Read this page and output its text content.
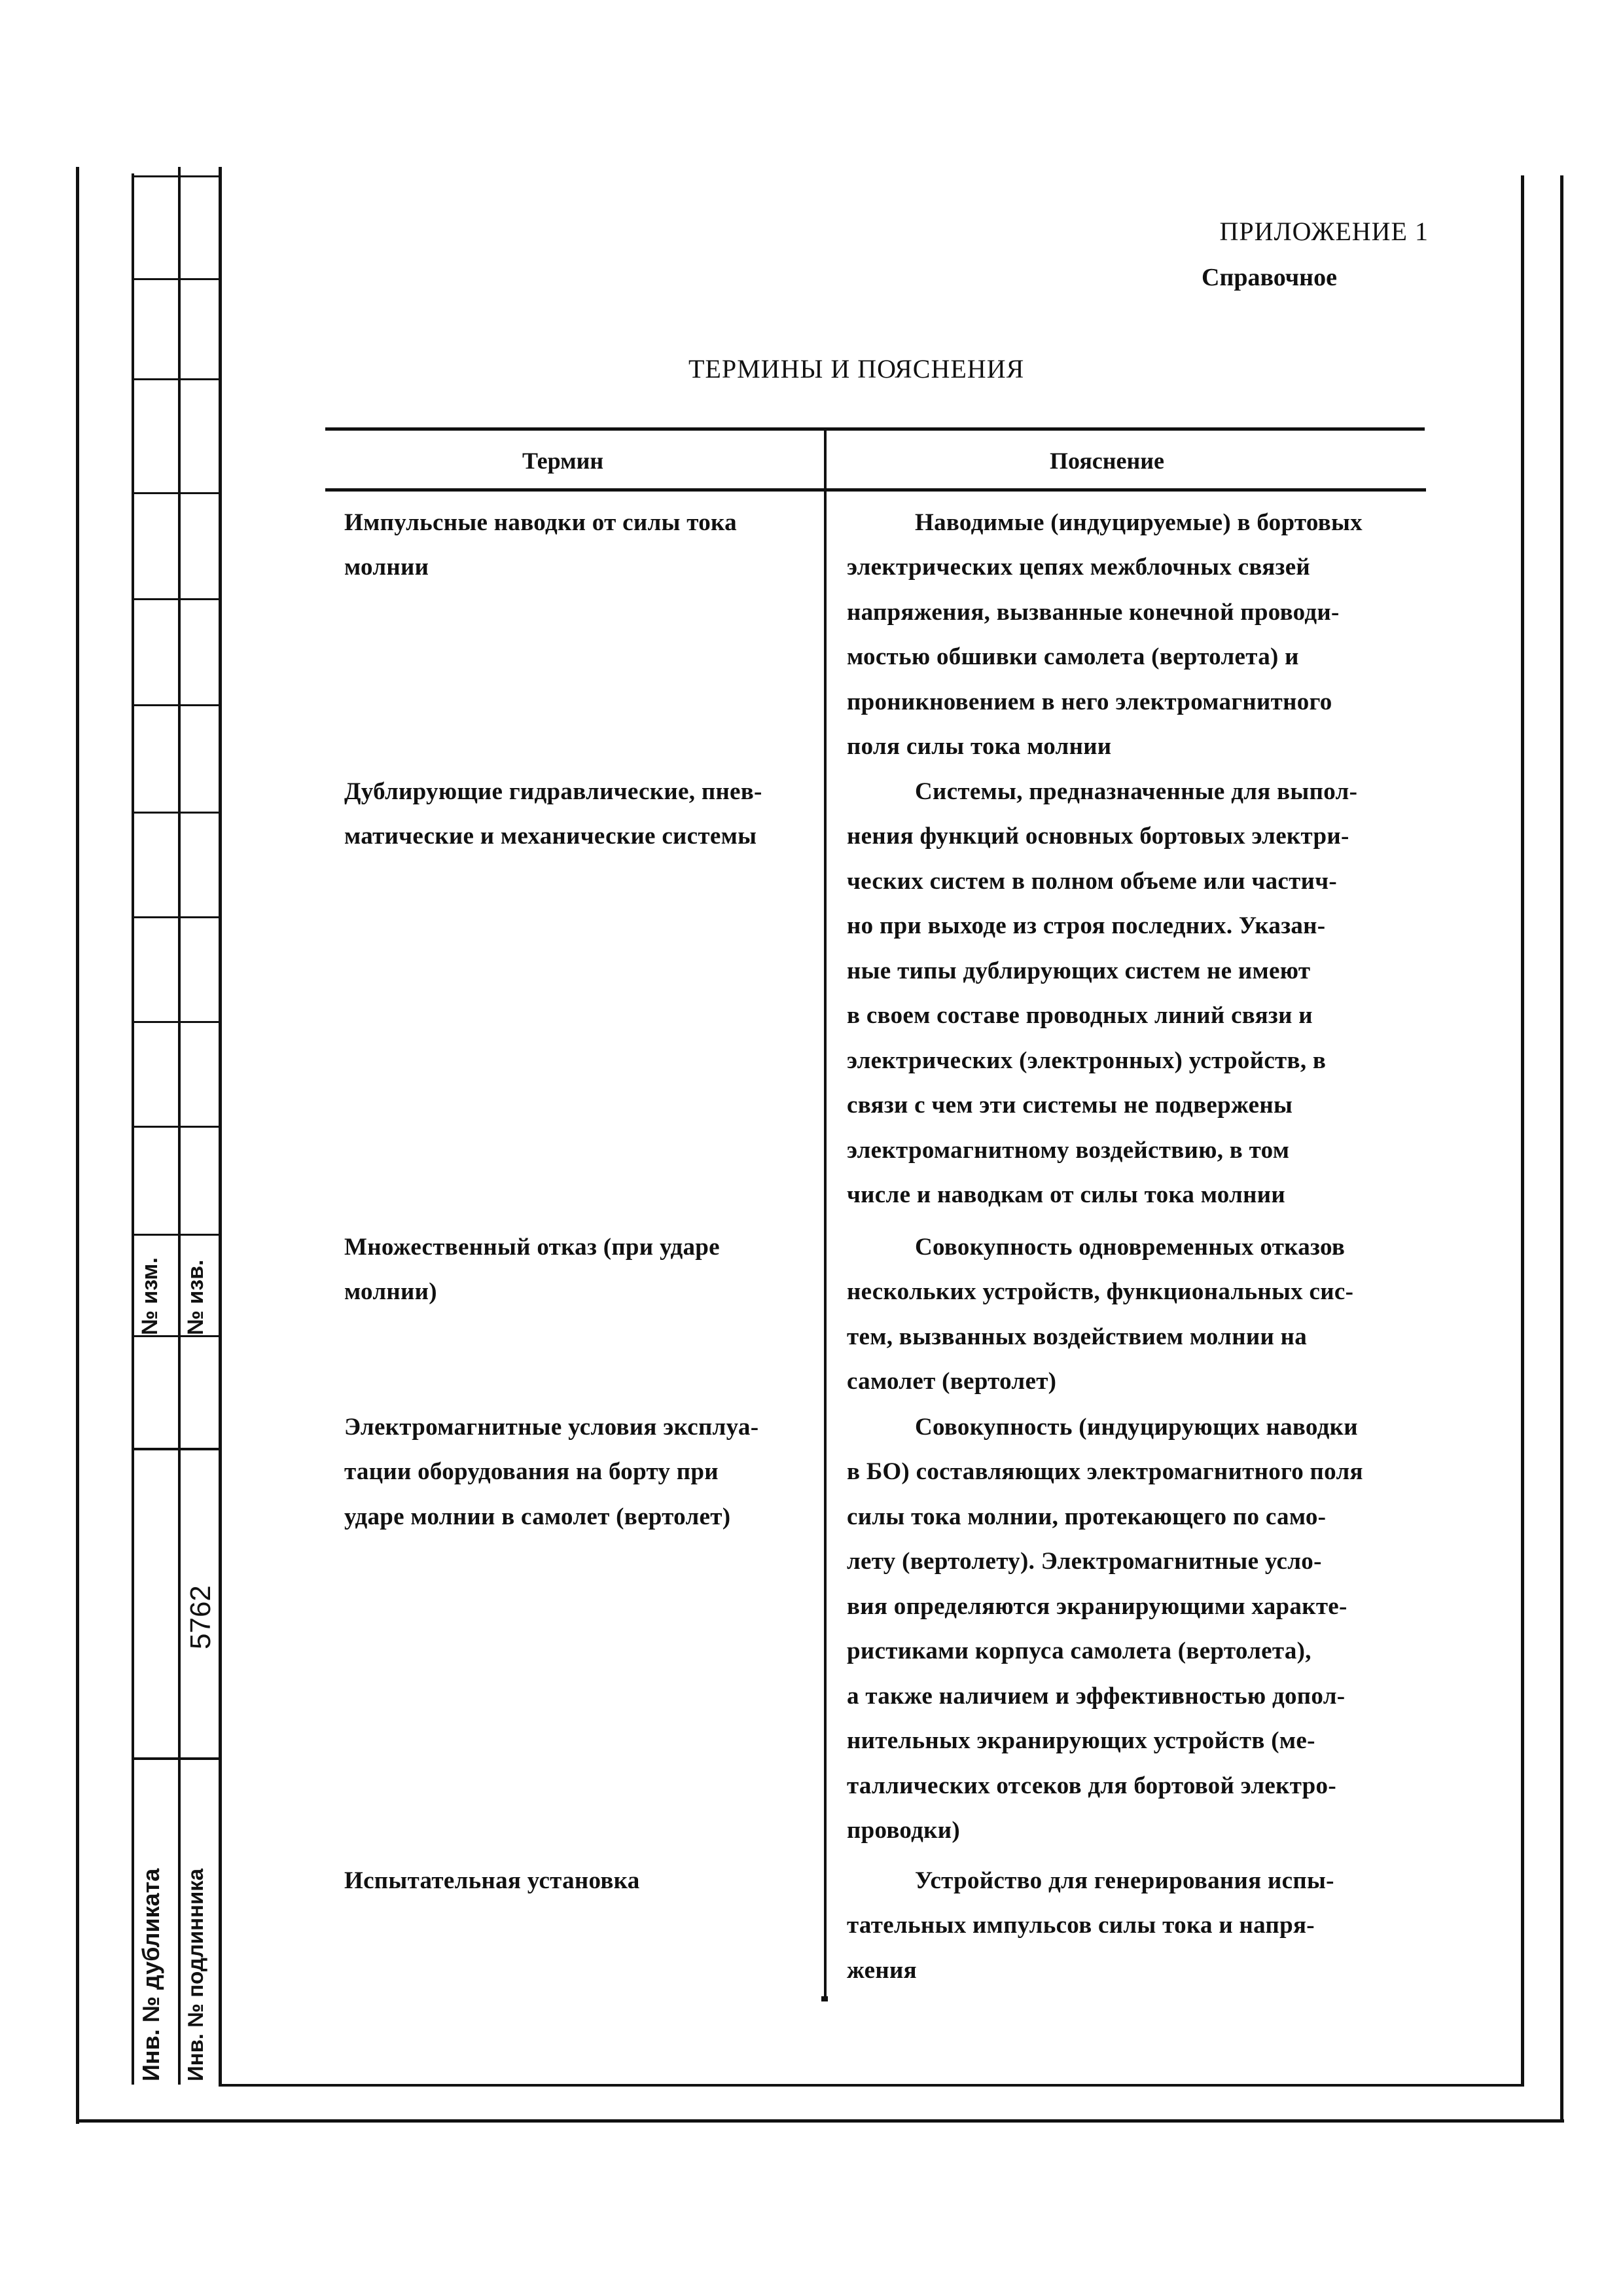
№ изм. № изв.
5762
Инв. № дубликата Инв. № подлинника
ПРИЛОЖЕНИЕ 1
Справочное
ТЕРМИНЫ И ПОЯСНЕНИЯ
Термин	Пояснение
Импульсные наводки от силы тока
молнии
Наводимые (индуцируемые) в бортовых
электрических цепях межблочных связей
напряжения, вызванные конечной проводи-
мостью обшивки самолета (вертолета) и
проникновением в него электромагнитного
поля силы тока молнии
Дублирующие гидравлические, пнев-
матические и механические системы
Системы, предназначенные для выпол-
нения функций основных бортовых электри-
ческих систем в полном объеме или частич-
но при выходе из строя последних. Указан-
ные типы дублирующих систем не имеют
в своем составе проводных линий связи и
электрических (электронных) устройств, в
связи с чем эти системы не подвержены
электромагнитному воздействию, в том
числе и наводкам от силы тока молнии
Множественный отказ (при ударе
молнии)
Совокупность одновременных отказов
нескольких устройств, функциональных сис-
тем, вызванных воздействием молнии на
самолет (вертолет)
Электромагнитные условия эксплуа-
тации оборудования на борту при
ударе молнии в самолет (вертолет)
Совокупность (индуцирующих наводки
в БО) составляющих электромагнитного поля
силы тока молнии, протекающего по само-
лету (вертолету). Электромагнитные усло-
вия определяются экранирующими характе-
ристиками корпуса самолета (вертолета),
а также наличием и эффективностью допол-
нительных экранирующих устройств (ме-
таллических отсеков для бортовой электро-
проводки)
Испытательная установка	Устройство для генерирования испы-
тательных импульсов силы тока и напря-
жения
